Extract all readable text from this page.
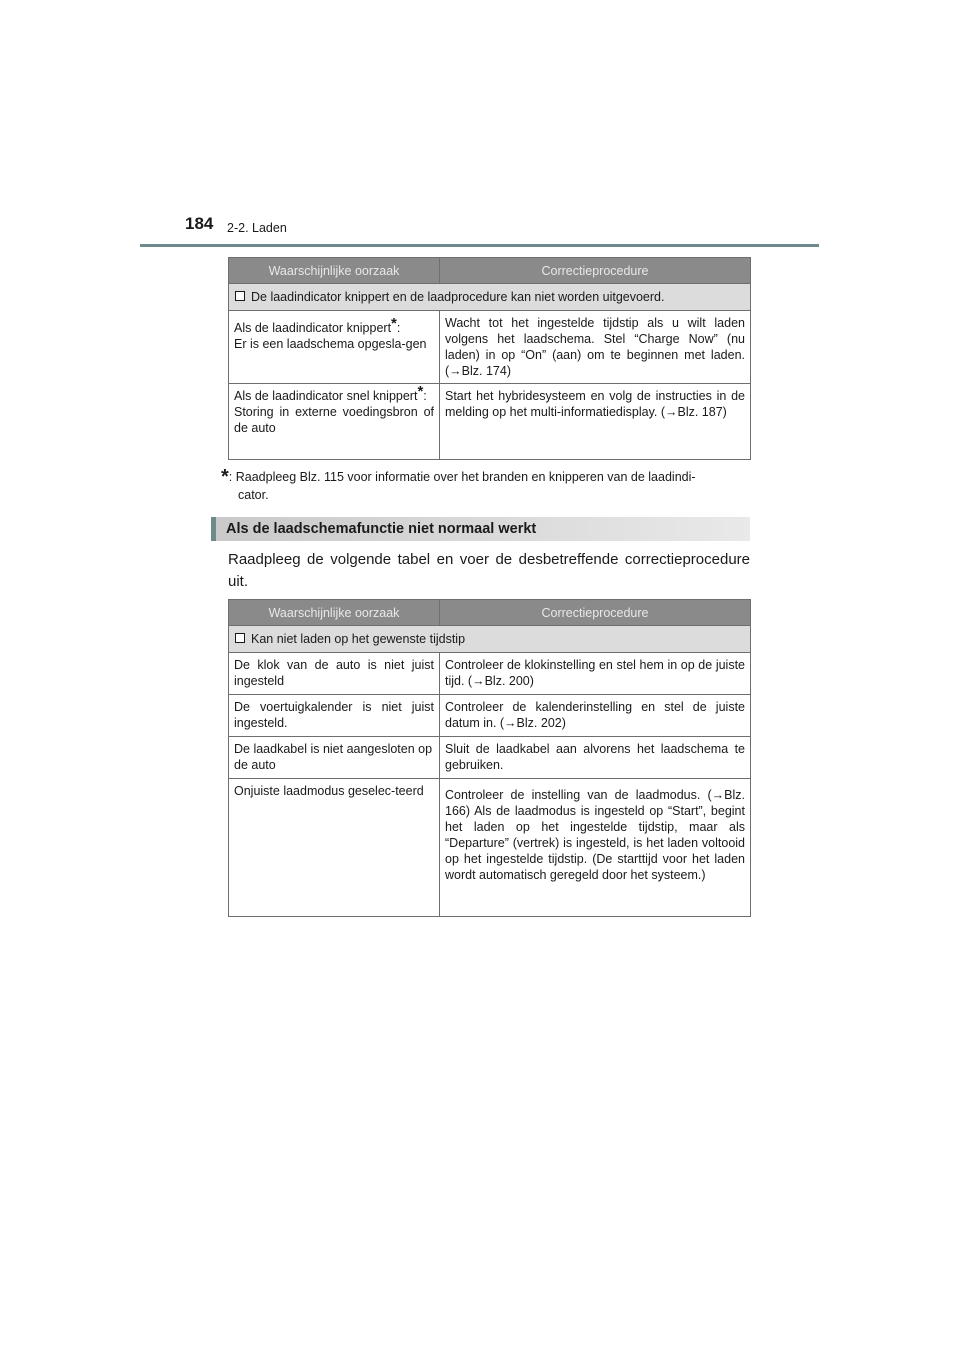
184 2-2. Laden
Waarschijnlijke oorzaak	Correctieprocedure
De laadindicator knippert en de laadprocedure kan niet worden uitgevoerd.	
Als de laadindicator knippert*:

Er is een laadschema opgesla-gen	Wacht tot het ingestelde tijdstip als u wilt laden volgens het laadschema. Stel “Charge Now” (nu laden) in op “On” (aan) om te beginnen met laden. (→Blz. 174)
Als de laadindicator snel knippert*:

Storing in externe voedingsbron of de auto	Start het hybridesysteem en volg de instructies in de melding op het multi-informatiedisplay. (→Blz. 187)
*: Raadpleeg Blz. 115 voor informatie over het branden en knipperen van de laadindi-

cator.
Als de laadschemafunctie niet normaal werkt
Raadpleeg de volgende tabel en voer de desbetreffende correctieprocedure uit.
Waarschijnlijke oorzaak	Correctieprocedure
Kan niet laden op het gewenste tijdstip	
De klok van de auto is niet juist ingesteld	Controleer de klokinstelling en stel hem in op de juiste tijd. (→Blz. 200)
De voertuigkalender is niet juist ingesteld.	Controleer de kalenderinstelling en stel de juiste datum in. (→Blz. 202)
De laadkabel is niet aangesloten op de auto	Sluit de laadkabel aan alvorens het laadschema te gebruiken.
Onjuiste laadmodus geselec-teerd	Controleer de instelling van de laadmodus. (→Blz. 166) Als de laadmodus is ingesteld op “Start”, begint het laden op het ingestelde tijdstip, maar als “Departure” (vertrek) is ingesteld, is het laden voltooid op het ingestelde tijdstip. (De starttijd voor het laden wordt automatisch geregeld door het systeem.)
